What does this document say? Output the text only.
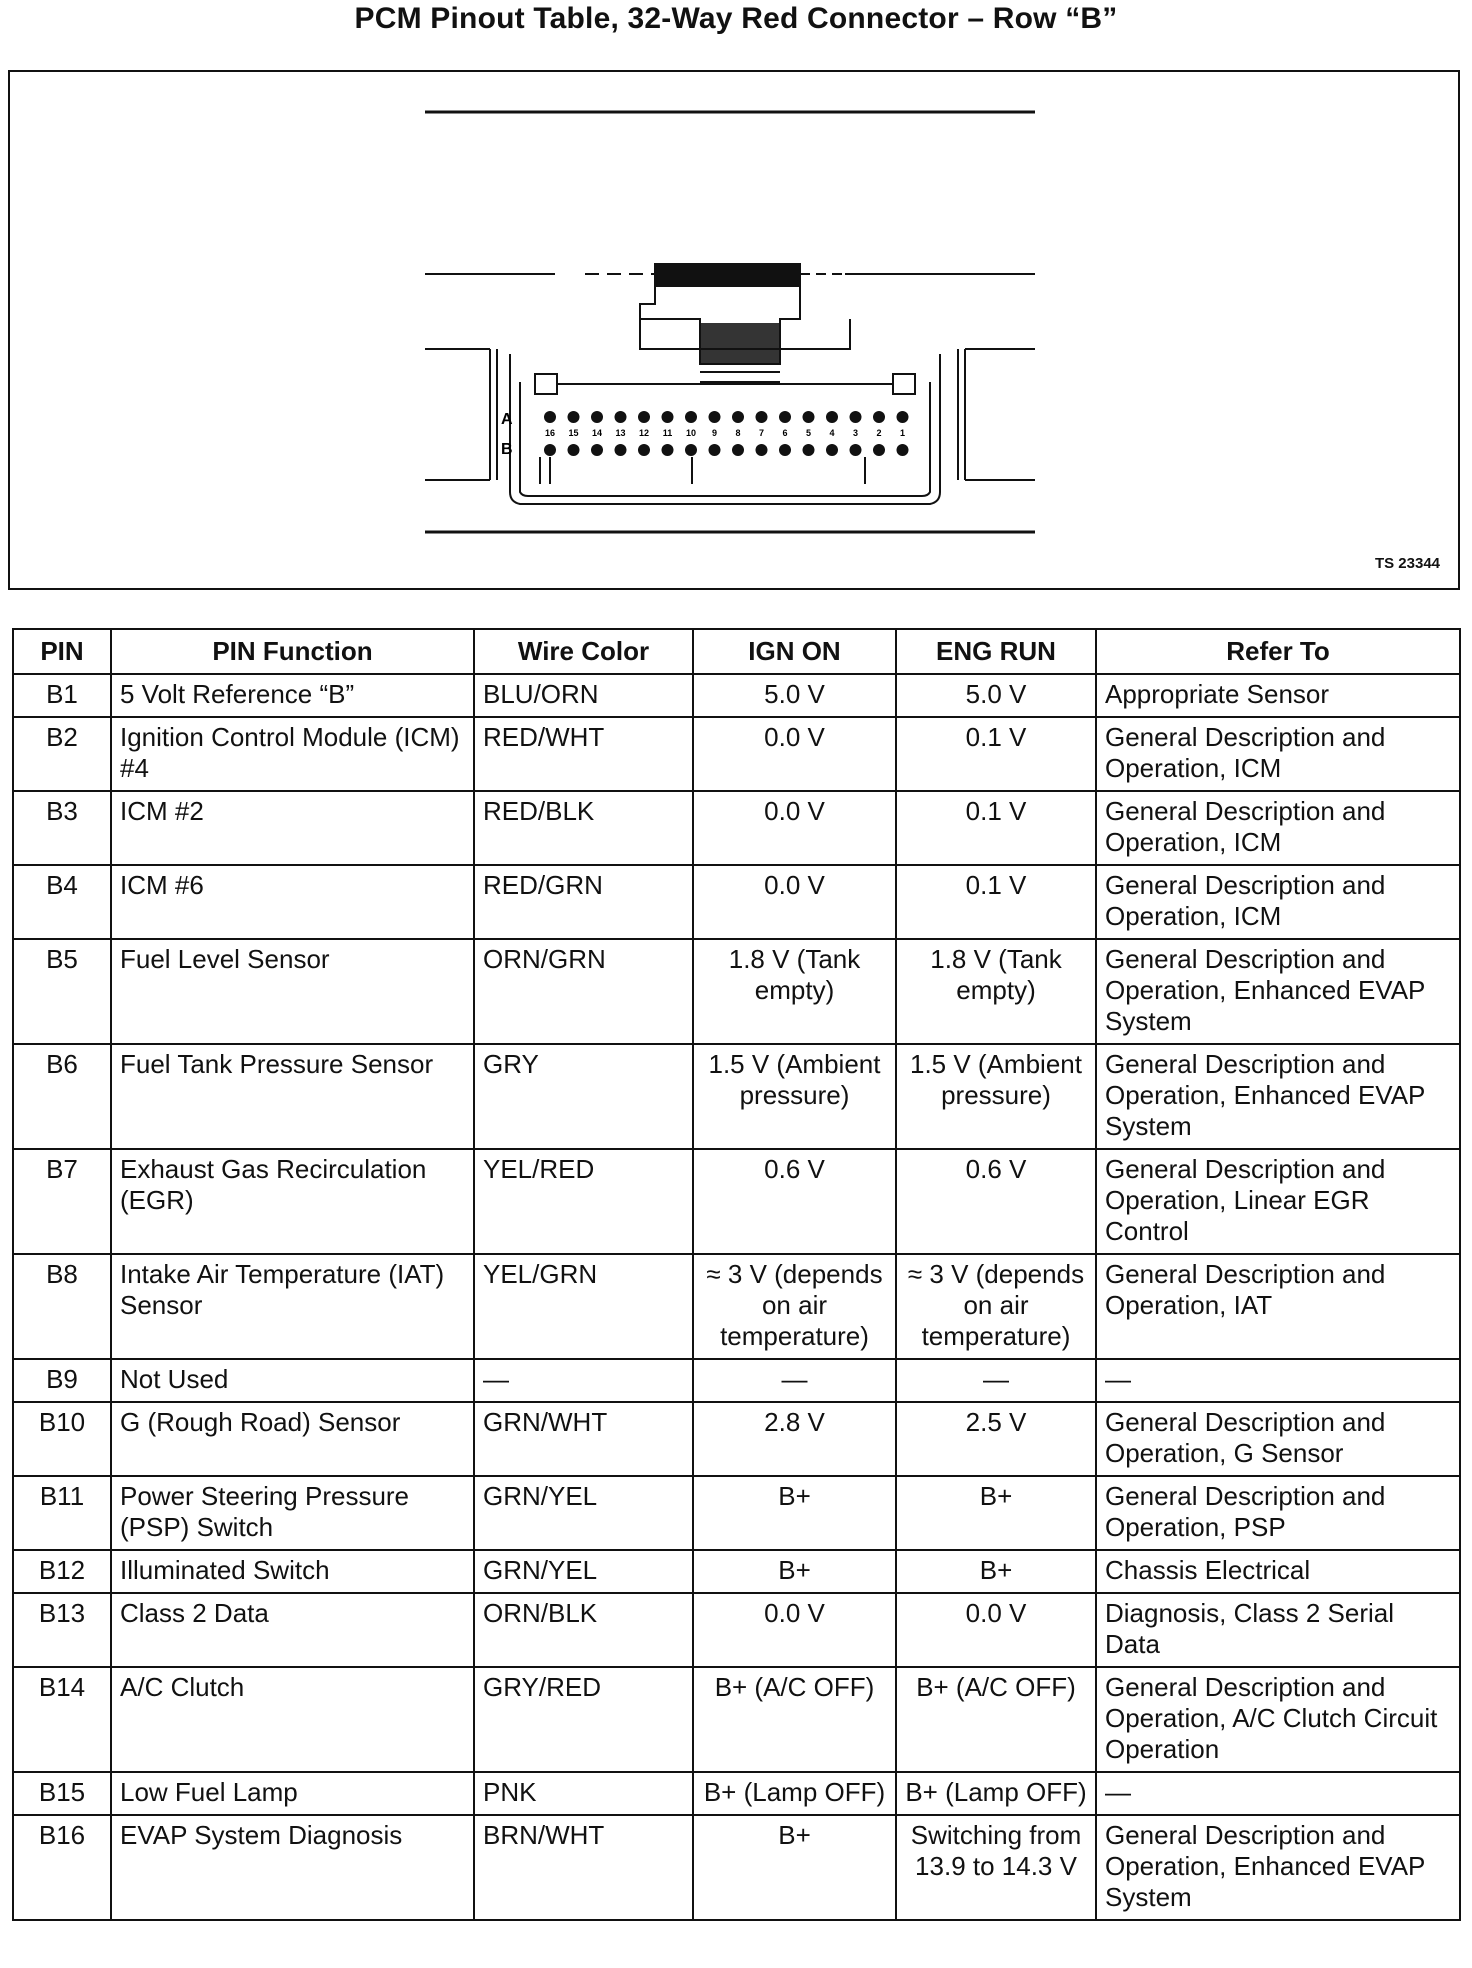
PCM Pinout Table, 32-Way Red Connector – Row “B”
16 15 14 13 12 11 10 9 8 7 6 5 4 3 2 1
A
B
TS 23344
PIN	PIN Function	Wire Color	IGN ON	ENG RUN	Refer To
B1	5 Volt Reference “B”	BLU/ORN	5.0 V	5.0 V	Appropriate Sensor
B2	Ignition Control Module (ICM) #4	RED/WHT	0.0 V	0.1 V	General Description and Operation, ICM
B3	ICM #2	RED/BLK	0.0 V	0.1 V	General Description and Operation, ICM
B4	ICM #6	RED/GRN	0.0 V	0.1 V	General Description and Operation, ICM
B5	Fuel Level Sensor	ORN/GRN	1.8 V (Tank empty)	1.8 V (Tank empty)	General Description and Operation, Enhanced EVAP System
B6	Fuel Tank Pressure Sensor	GRY	1.5 V (Ambient pressure)	1.5 V (Ambient pressure)	General Description and Operation, Enhanced EVAP System
B7	Exhaust Gas Recirculation (EGR)	YEL/RED	0.6 V	0.6 V	General Description and Operation, Linear EGR Control
B8	Intake Air Temperature (IAT) Sensor	YEL/GRN	≈ 3 V (depends on air temperature)	≈ 3 V (depends on air temperature)	General Description and Operation, IAT
B9	Not Used	—	—	—	—
B10	G (Rough Road) Sensor	GRN/WHT	2.8 V	2.5 V	General Description and Operation, G Sensor
B11	Power Steering Pressure (PSP) Switch	GRN/YEL	B+	B+	General Description and Operation, PSP
B12	Illuminated Switch	GRN/YEL	B+	B+	Chassis Electrical
B13	Class 2 Data	ORN/BLK	0.0 V	0.0 V	Diagnosis, Class 2 Serial Data
B14	A/C Clutch	GRY/RED	B+ (A/C OFF)	B+ (A/C OFF)	General Description and Operation, A/C Clutch Circuit Operation
B15	Low Fuel Lamp	PNK	B+ (Lamp OFF)	B+ (Lamp OFF)	—
B16	EVAP System Diagnosis	BRN/WHT	B+	Switching from 13.9 to 14.3 V	General Description and Operation, Enhanced EVAP System
